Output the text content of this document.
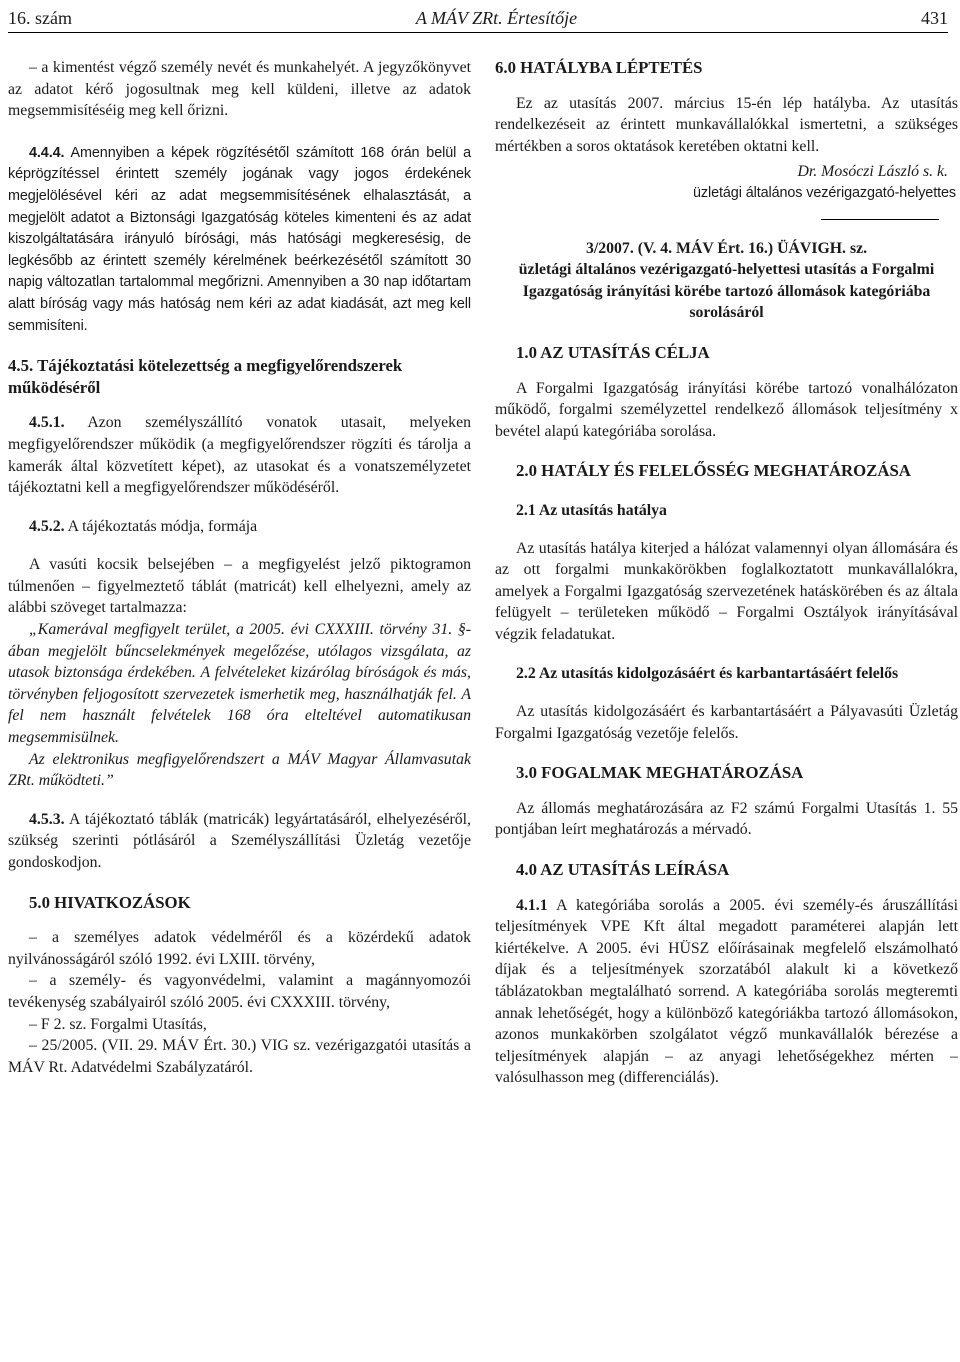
16. szám	A MÁV ZRt. Értesítője	431

– a kimentést végző személy nevét és munkahelyét. A jegyzőkönyvet az adatot kérő jogosultnak meg kell küldeni, illetve az adatok megsemmisítéséig meg kell őrizni.

4.4.4. Amennyiben a képek rögzítésétől számított 168 órán belül a képrögzítéssel érintett személy jogának vagy jogos érdekének megjelölésével kéri az adat megsemmisítésének elhalasztását, a megjelölt adatot a Biztonsági Igazgatóság köteles kimenteni és az adat kiszolgáltatására irányuló bírósági, más hatósági megkeresésig, de legkésőbb az érintett személy kérelmének beérkezésétől számított 30 napig változatlan tartalommal megőrizni. Amennyiben a 30 nap időtartam alatt bíróság vagy más hatóság nem kéri az adat kiadását, azt meg kell semmisíteni.

4.5. Tájékoztatási kötelezettség a megfigyelőrendszerek működéséről

4.5.1. Azon személyszállító vonatok utasait, melyeken megfigyelőrendszer működik (a megfigyelőrendszer rögzíti és tárolja a kamerák által közvetített képet), az utasokat és a vonatszemélyzetet tájékoztatni kell a megfigyelőrendszer működéséről.

4.5.2. A tájékoztatás módja, formája

A vasúti kocsik belsejében – a megfigyelést jelző piktogramon túlmenően – figyelmeztető táblát (matricát) kell elhelyezni, amely az alábbi szöveget tartalmazza:

„Kamerával megfigyelt terület, a 2005. évi CXXXIII. törvény 31. §-ában megjelölt bűncselekmények megelőzése, utólagos vizsgálata, az utasok biztonsága érdekében. A felvételeket kizárólag bíróságok és más, törvényben feljogosított szervezetek ismerhetik meg, használhatják fel. A fel nem használt felvételek 168 óra elteltével automatikusan megsemmisülnek.

Az elektronikus megfigyelőrendszert a MÁV Magyar Államvasutak ZRt. működteti.”

4.5.3. A tájékoztató táblák (matricák) legyártatásáról, elhelyezéséről, szükség szerinti pótlásáról a Személyszállítási Üzletág vezetője gondoskodjon.

5.0 HIVATKOZÁSOK

– a személyes adatok védelméről és a közérdekű adatok nyilvánosságáról szóló 1992. évi LXIII. törvény,

– a személy- és vagyonvédelmi, valamint a magánnyomozói tevékenység szabályairól szóló 2005. évi CXXXIII. törvény,

– F 2. sz. Forgalmi Utasítás,

– 25/2005. (VII. 29. MÁV Ért. 30.) VIG sz. vezérigazgatói utasítás a MÁV Rt. Adatvédelmi Szabályzatáról.

6.0 HATÁLYBA LÉPTETÉS

Ez az utasítás 2007. március 15-én lép hatályba. Az utasítás rendelkezéseit az érintett munkavállalókkal ismertetni, a szükséges mértékben a soros oktatások keretében oktatni kell.

Dr. Mosóczi László s. k.

üzletági általános vezérigazgató-helyettes

3/2007. (V. 4. MÁV Ért. 16.) ÜÁVIGH. sz.

üzletági általános vezérigazgató-helyettesi utasítás a Forgalmi Igazgatóság irányítási körébe tartozó állomások kategóriába sorolásáról

1.0 AZ UTASÍTÁS CÉLJA

A Forgalmi Igazgatóság irányítási körébe tartozó vonalhálózaton működő, forgalmi személyzettel rendelkező állomások teljesítmény x bevétel alapú kategóriába sorolása.

2.0 HATÁLY ÉS FELELŐSSÉG MEGHATÁROZÁSA

2.1 Az utasítás hatálya

Az utasítás hatálya kiterjed a hálózat valamennyi olyan állomására és az ott forgalmi munkakörökben foglalkoztatott munkavállalókra, amelyek a Forgalmi Igazgatóság szervezetének hatáskörében és az általa felügyelt – területeken működő – Forgalmi Osztályok irányításával végzik feladatukat.

2.2 Az utasítás kidolgozásáért és karbantartásáért felelős

Az utasítás kidolgozásáért és karbantartásáért a Pályavasúti Üzletág Forgalmi Igazgatóság vezetője felelős.

3.0 FOGALMAK MEGHATÁROZÁSA

Az állomás meghatározására az F2 számú Forgalmi Utasítás 1. 55 pontjában leírt meghatározás a mérvadó.

4.0 AZ UTASÍTÁS LEÍRÁSA

4.1.1 A kategóriába sorolás a 2005. évi személy-és áruszállítási teljesítmények VPE Kft által megadott paraméterei alapján lett kiértékelve. A 2005. évi HÜSZ előírásainak megfelelő elszámolható díjak és a teljesítmények szorzatából alakult ki a következő táblázatokban megtalálható sorrend. A kategóriába sorolás megteremti annak lehetőségét, hogy a különböző kategóriákba tartozó állomásokon, azonos munkakörben szolgálatot végző munkavállalók bérezése a teljesítmények alapján – az anyagi lehetőségekhez mérten – valósulhasson meg (differenciálás).
